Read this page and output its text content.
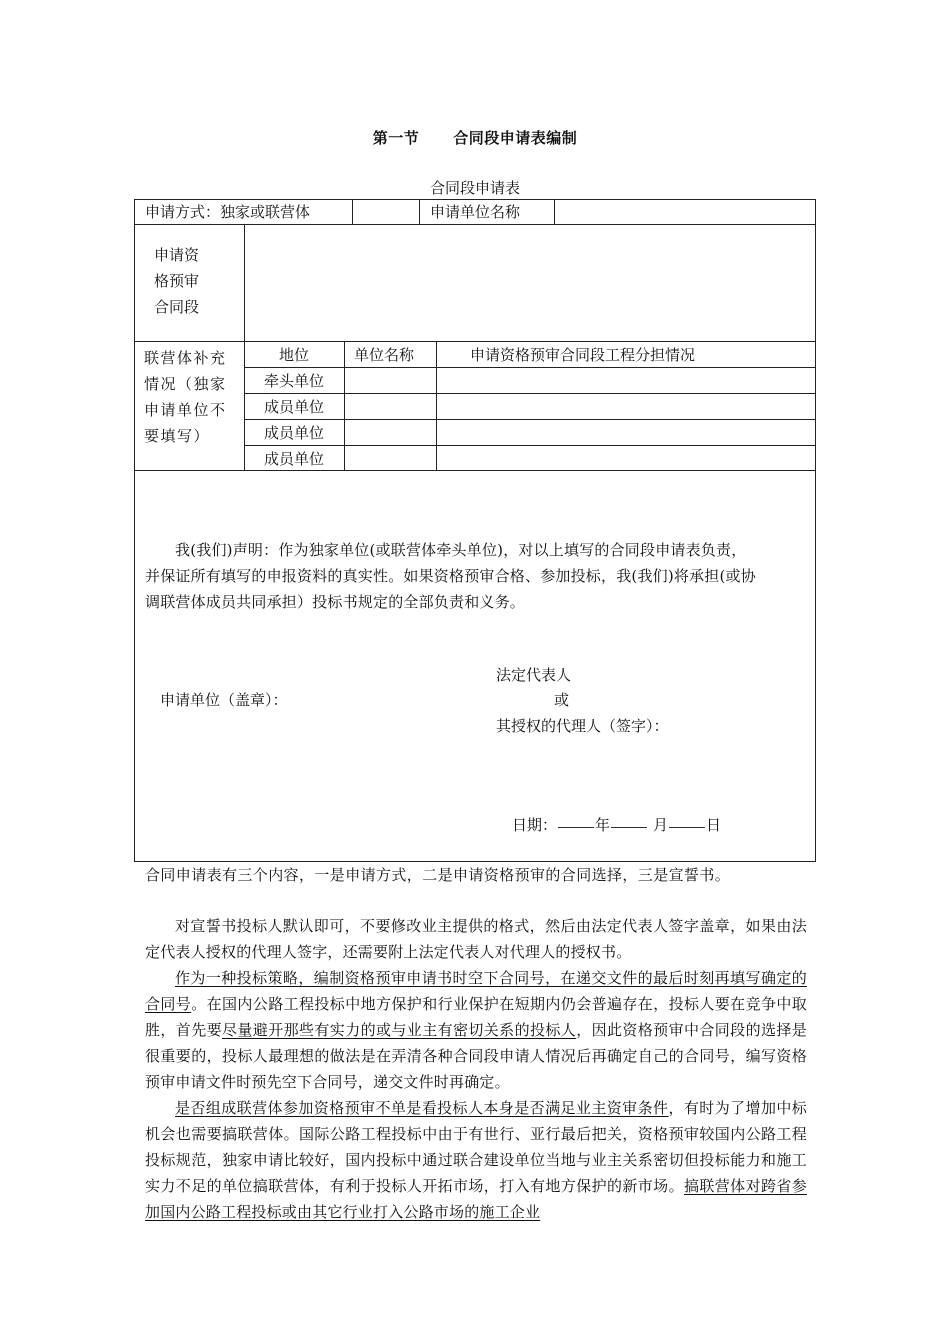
第一节 合同段申请表编制
合同段申请表
申请方式：独家或联营体	申请单位名称
申请资
格预审
合同段
联营体补充
情况（独家
申请单位不
要填写）
地位	单位名称	申请资格预审合同段工程分担情况
牵头单位
成员单位
成员单位
成员单位
我(我们)声明：作为独家单位(或联营体牵头单位)，对以上填写的合同段申请表负责，
并保证所有填写的申报资料的真实性。如果资格预审合格、参加投标，我(我们)将承担(或协
调联营体成员共同承担）投标书规定的全部负责和义务。
申请单位（盖章）：
法定代表人
或
其授权的代理人（签字）：
日期：	年	月	日
合同申请表有三个内容，一是申请方式，二是申请资格预审的合同选择，三是宣誓书。

对宣誓书投标人默认即可，不要修改业主提供的格式，然后由法定代表人签字盖章，如果由法定代表人授权的代理人签字，还需要附上法定代表人对代理人的授权书。

作为一种投标策略，编制资格预审申请书时空下合同号，在递交文件的最后时刻再填写确定的合同号。在国内公路工程投标中地方保护和行业保护在短期内仍会普遍存在，投标人要在竞争中取胜，首先要尽量避开那些有实力的或与业主有密切关系的投标人，因此资格预审中合同段的选择是很重要的，投标人最理想的做法是在弄清各种合同段申请人情况后再确定自己的合同号，编写资格预审申请文件时预先空下合同号，递交文件时再确定。

是否组成联营体参加资格预审不单是看投标人本身是否满足业主资审条件，有时为了增加中标机会也需要搞联营体。国际公路工程投标中由于有世行、亚行最后把关，资格预审较国内公路工程投标规范，独家申请比较好，国内投标中通过联合建设单位当地与业主关系密切但投标能力和施工实力不足的单位搞联营体，有利于投标人开拓市场，打入有地方保护的新市场。搞联营体对跨省参加国内公路工程投标或由其它行业打入公路市场的施工企业
